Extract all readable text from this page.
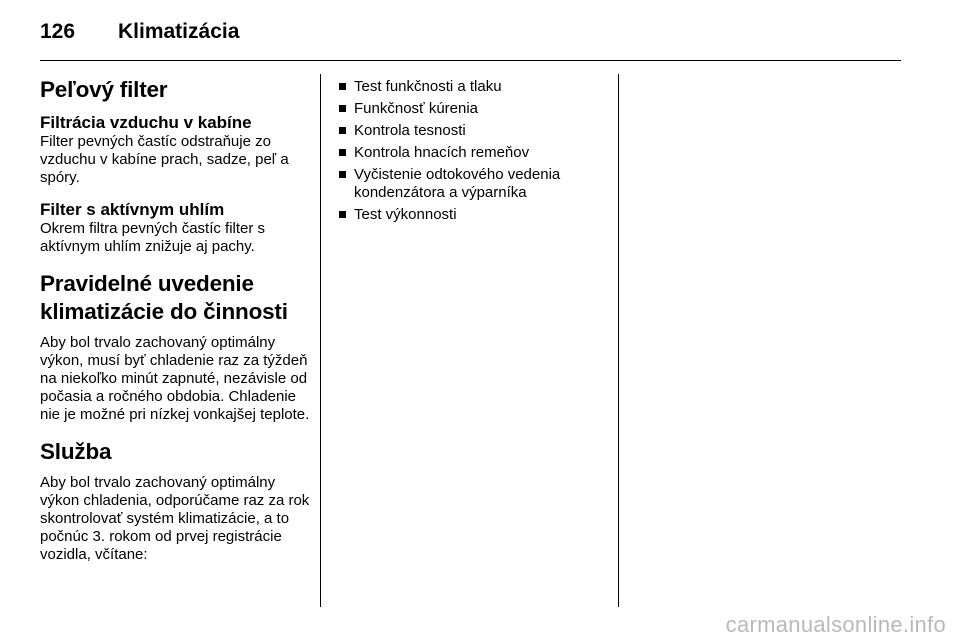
126 Klimatizácia
Peľový filter
Filtrácia vzduchu v kabíne

Filter pevných častíc odstraňuje zo vzduchu v kabíne prach, sadze, peľ a spóry.

Filter s aktívnym uhlím

Okrem filtra pevných častíc filter s aktívnym uhlím znižuje aj pachy.

Pravidelné uvedenie klimatizácie do činnosti

Aby bol trvalo zachovaný optimálny výkon, musí byť chladenie raz za týždeň na niekoľko minút zapnuté, nezávisle od počasia a ročného obdobia. Chladenie nie je možné pri nízkej vonkajšej teplote.

Služba

Aby bol trvalo zachovaný optimálny výkon chladenia, odporúčame raz za rok skontrolovať systém klimatizácie, a to počnúc 3. rokom od prvej registrácie vozidla, včítane:

Test funkčnosti a tlaku
Funkčnosť kúrenia
Kontrola tesnosti
Kontrola hnacích remeňov
Vyčistenie odtokového vedenia kondenzátora a výparníka
Test výkonnosti
carmanualsonline.info
